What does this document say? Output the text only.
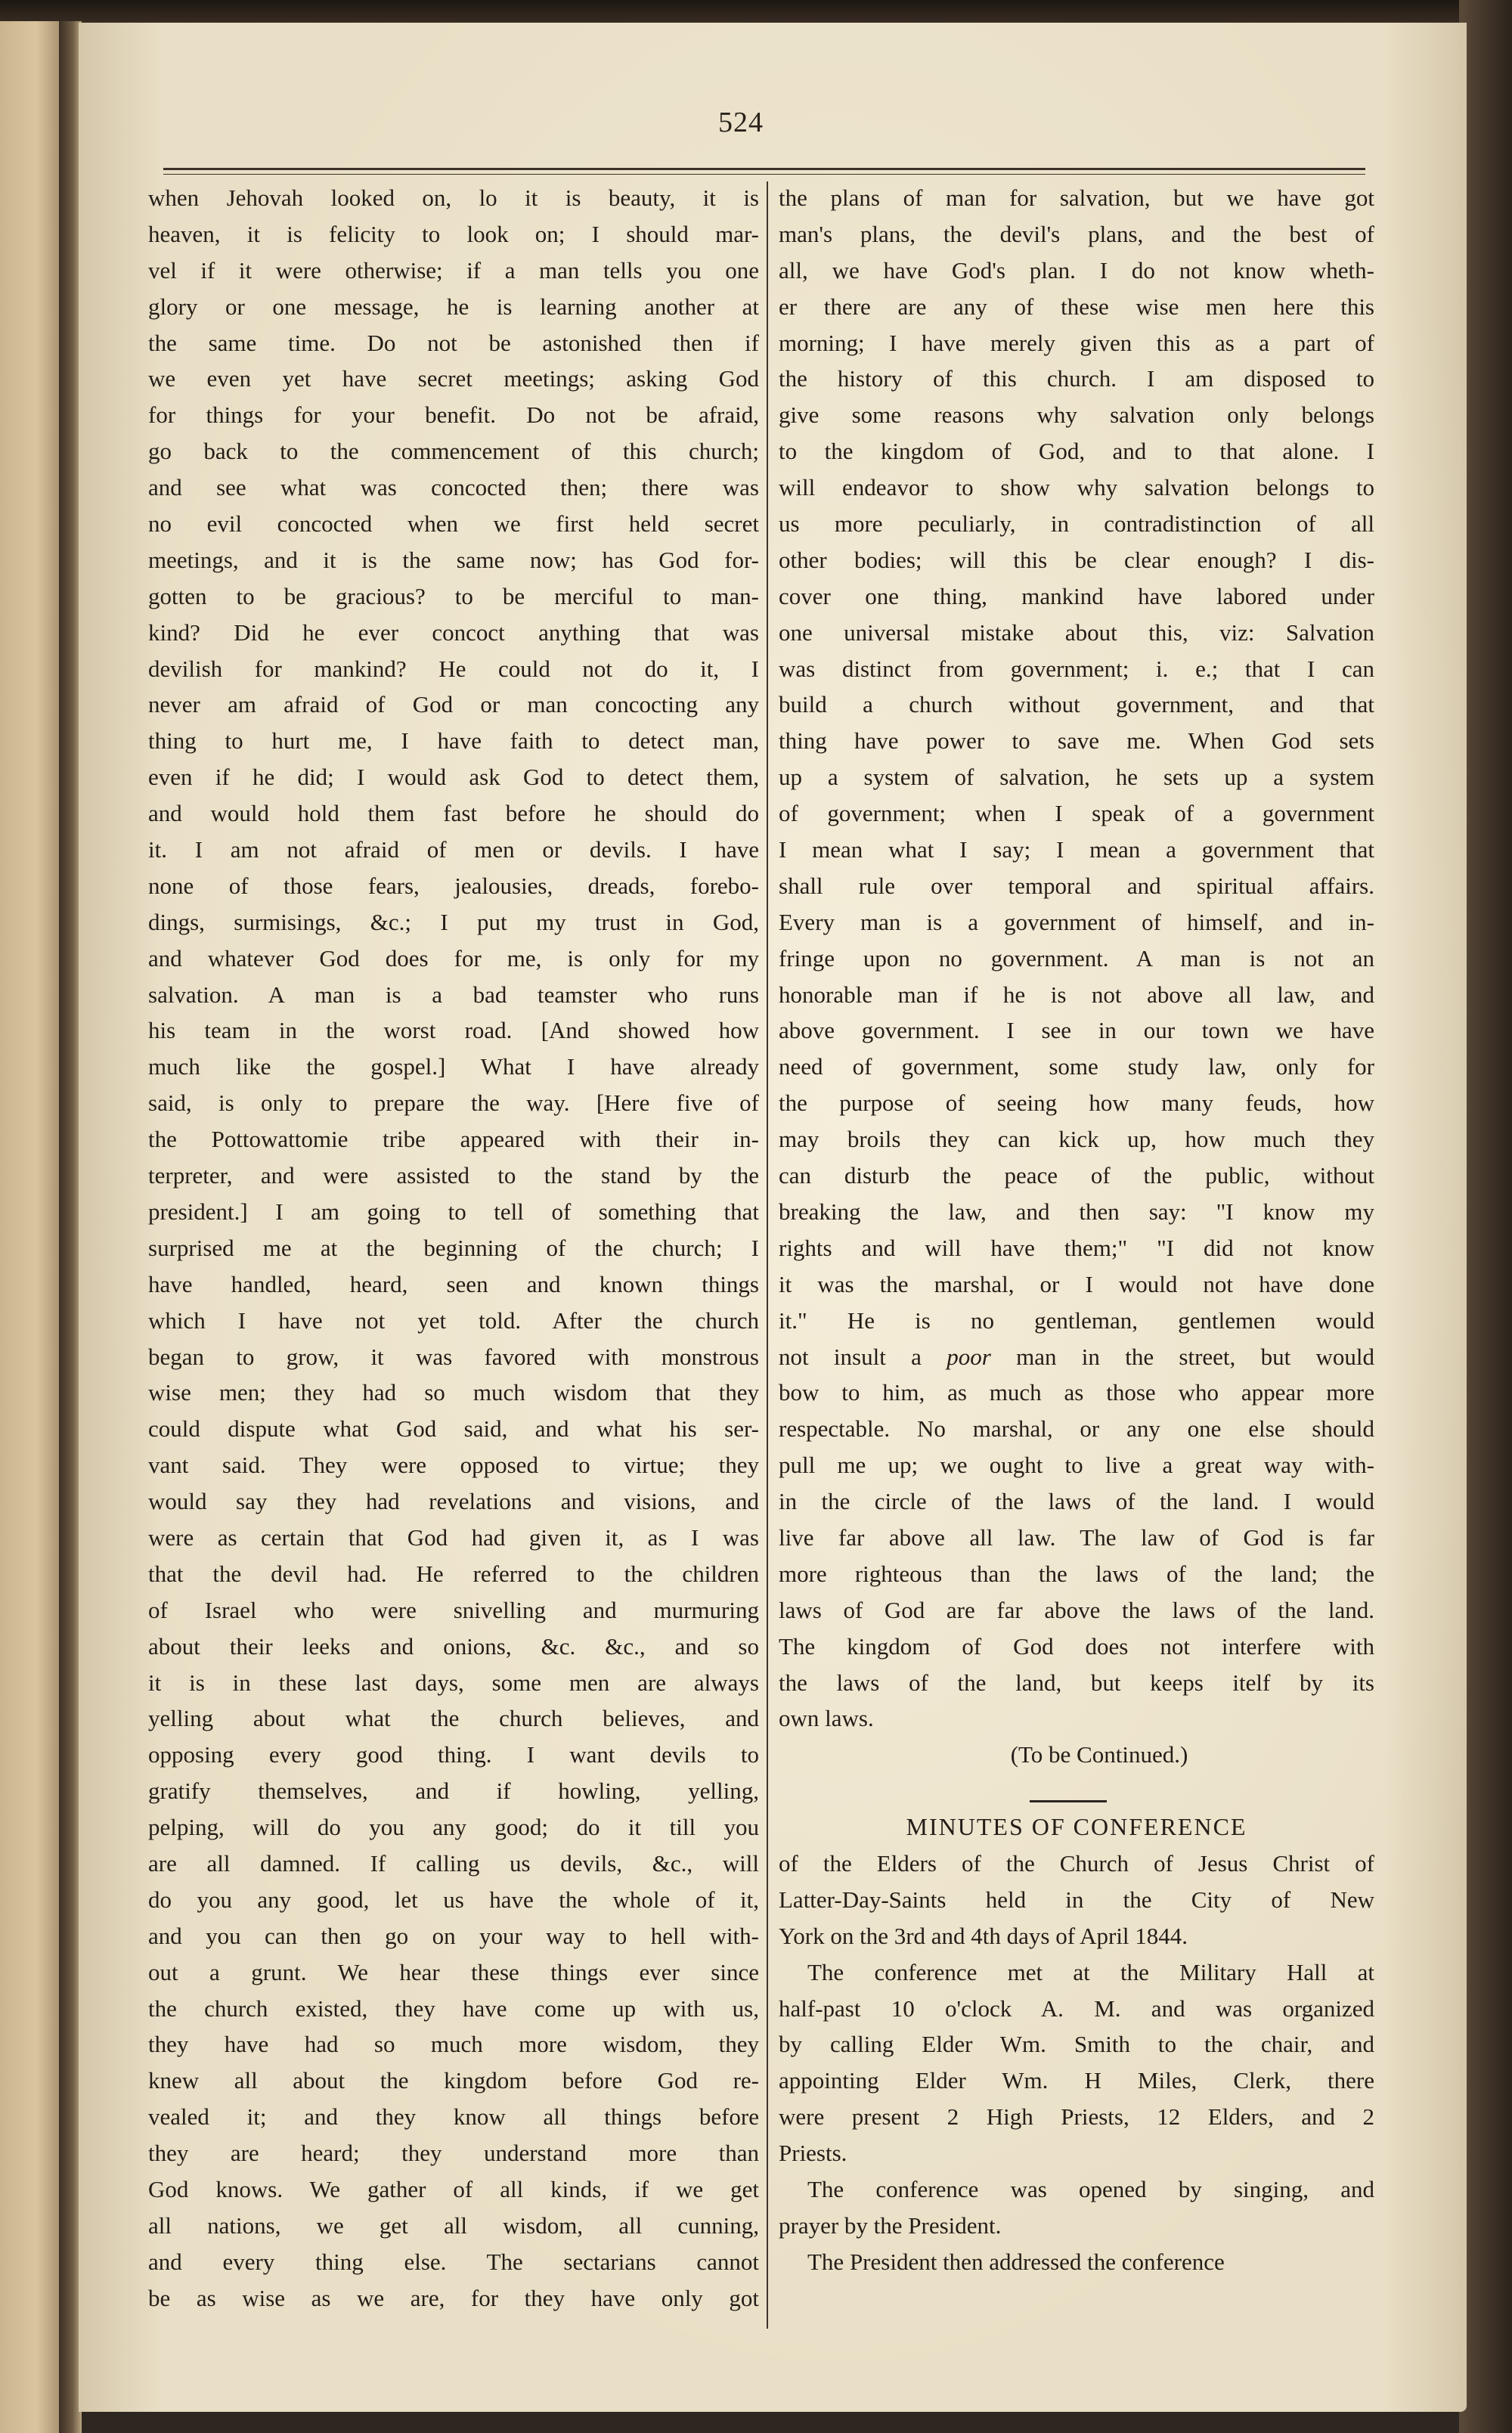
524
when Jehovah looked on, lo it is beauty, it is
heaven, it is felicity to look on; I should mar-
vel if it were otherwise; if a man tells you one
glory or one message, he is learning another at
the same time. Do not be astonished then if
we even yet have secret meetings; asking God
for things for your benefit. Do not be afraid,
go back to the commencement of this church;
and see what was concocted then; there was
no evil concocted when we first held secret
meetings, and it is the same now; has God for-
gotten to be gracious? to be merciful to man-
kind? Did he ever concoct anything that was
devilish for mankind? He could not do it, I
never am afraid of God or man concocting any
thing to hurt me, I have faith to detect man,
even if he did; I would ask God to detect them,
and would hold them fast before he should do
it. I am not afraid of men or devils. I have
none of those fears, jealousies, dreads, forebo-
dings, surmisings, &c.; I put my trust in God,
and whatever God does for me, is only for my
salvation. A man is a bad teamster who runs
his team in the worst road. [And showed how
much like the gospel.] What I have already
said, is only to prepare the way. [Here five of
the Pottowattomie tribe appeared with their in-
terpreter, and were assisted to the stand by the
president.] I am going to tell of something that
surprised me at the beginning of the church; I
have handled, heard, seen and known things
which I have not yet told. After the church
began to grow, it was favored with monstrous
wise men; they had so much wisdom that they
could dispute what God said, and what his ser-
vant said. They were opposed to virtue; they
would say they had revelations and visions, and
were as certain that God had given it, as I was
that the devil had. He referred to the children
of Israel who were snivelling and murmuring
about their leeks and onions, &c. &c., and so
it is in these last days, some men are always
yelling about what the church believes, and
opposing every good thing. I want devils to
gratify themselves, and if howling, yelling,
pelping, will do you any good; do it till you
are all damned. If calling us devils, &c., will
do you any good, let us have the whole of it,
and you can then go on your way to hell with-
out a grunt. We hear these things ever since
the church existed, they have come up with us,
they have had so much more wisdom, they
knew all about the kingdom before God re-
vealed it; and they know all things before
they are heard; they understand more than
God knows. We gather of all kinds, if we get
all nations, we get all wisdom, all cunning,
and every thing else. The sectarians cannot
be as wise as we are, for they have only got
the plans of man for salvation, but we have got
man's plans, the devil's plans, and the best of
all, we have God's plan. I do not know wheth-
er there are any of these wise men here this
morning; I have merely given this as a part of
the history of this church. I am disposed to
give some reasons why salvation only belongs
to the kingdom of God, and to that alone. I
will endeavor to show why salvation belongs to
us more peculiarly, in contradistinction of all
other bodies; will this be clear enough? I dis-
cover one thing, mankind have labored under
one universal mistake about this, viz: Salvation
was distinct from government; i. e.; that I can
build a church without government, and that
thing have power to save me. When God sets
up a system of salvation, he sets up a system
of government; when I speak of a government
I mean what I say; I mean a government that
shall rule over temporal and spiritual affairs.
Every man is a government of himself, and in-
fringe upon no government. A man is not an
honorable man if he is not above all law, and
above government. I see in our town we have
need of government, some study law, only for
the purpose of seeing how many feuds, how
may broils they can kick up, how much they
can disturb the peace of the public, without
breaking the law, and then say: "I know my
rights and will have them;" "I did not know
it was the marshal, or I would not have done
it." He is no gentleman, gentlemen would
not insult a poor man in the street, but would
bow to him, as much as those who appear more
respectable. No marshal, or any one else should
pull me up; we ought to live a great way with-
in the circle of the laws of the land. I would
live far above all law. The law of God is far
more righteous than the laws of the land; the
laws of God are far above the laws of the land.
The kingdom of God does not interfere with
the laws of the land, but keeps itelf by its
own laws.
(To be Continued.)
MINUTES OF CONFERENCE
of the Elders of the Church of Jesus Christ of
Latter-Day-Saints held in the City of New
York on the 3rd and 4th days of April 1844.
The conference met at the Military Hall at
half-past 10 o'clock A. M. and was organized
by calling Elder Wm. Smith to the chair, and
appointing Elder Wm. H Miles, Clerk, there
were present 2 High Priests, 12 Elders, and 2
Priests.
The conference was opened by singing, and
prayer by the President.
The President then addressed the conference
